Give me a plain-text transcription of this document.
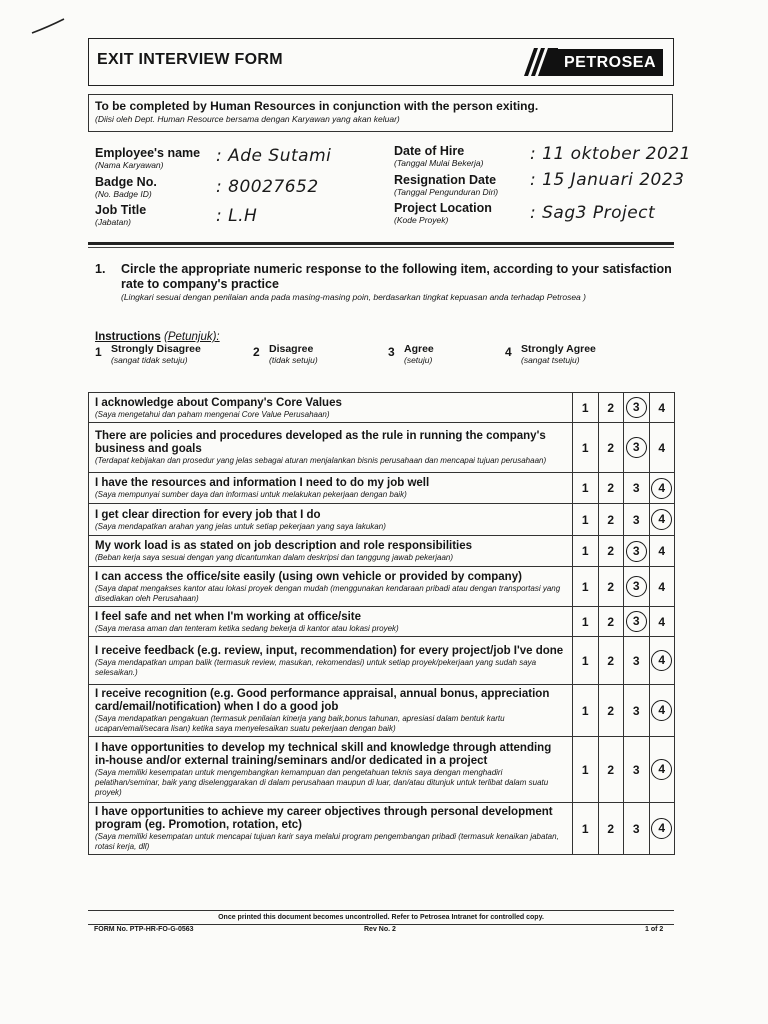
EXIT INTERVIEW FORM	PETROSEA
To be completed by Human Resources in conjunction with the person exiting.
(Diisi oleh Dept. Human Resource bersama dengan Karyawan yang akan keluar)
Employee's name
(Nama Karyawan)	: Ade Sutami
Badge No.
(No. Badge ID)	: 80027652
Job Title
(Jabatan)	: L.H
Date of Hire
(Tanggal Mulai Bekerja)	: 11 oktober 2021
Resignation Date
(Tanggal Pengunduran Diri)
: 15 Januari 2023
Project Location
(Kode Proyek)	: Sag3 Project
1. Circle the appropriate numeric response to the following item, according to your satisfaction rate to company's practice
(Lingkari sesuai dengan penilaian anda pada masing-masing poin, berdasarkan tingkat kepuasan anda terhadap Petrosea )
Instructions (Petunjuk):
1 Strongly Disagree
(sangat tidak setuju)
2 Disagree
(tidak setuju)
3 Agree
(setuju)
4 Strongly Agree
(sangat tsetuju)
I acknowledge about Company's Core Values
(Saya mengetahui dan paham mengenai Core Value Perusahaan)	1	2	3	4

There are policies and procedures developed as the rule in running the company's business and goals
(Terdapat kebijakan dan prosedur yang jelas sebagai aturan menjalankan bisnis perusahaan dan mencapai tujuan perusahaan)	1	2	3	4

I have the resources and information I need to do my job well
(Saya mempunyai sumber daya dan informasi untuk melakukan pekerjaan dengan baik)	1	2	3	4

I get clear direction for every job that I do
(Saya mendapatkan arahan yang jelas untuk setiap pekerjaan yang saya lakukan)	1	2	3	4

My work load is as stated on job description and role responsibilities
(Beban kerja saya sesuai dengan yang dicantumkan dalam deskripsi dan tanggung jawab pekerjaan)	1	2	3	4

I can access the office/site easily (using own vehicle or provided by company)
(Saya dapat mengakses kantor atau lokasi proyek dengan mudah (menggunakan kendaraan pribadi atau dengan transportasi yang disediakan oleh Perusahaan)	1	2	3	4

I feel safe and net when I'm working at office/site
(Saya merasa aman dan tenteram ketika sedang bekerja di kantor atau lokasi proyek)	1	2	3	4

I receive feedback (e.g. review, input, recommendation) for every project/job I've done
(Saya mendapatkan umpan balik (termasuk review, masukan, rekomendasi) untuk setiap proyek/pekerjaan yang sudah saya selesaikan.)	1	2	3	4

I receive recognition (e.g. Good performance appraisal, annual bonus, appreciation card/email/notification) when I do a good job
(Saya mendapatkan pengakuan (termasuk penilaian kinerja yang baik,bonus tahunan, apresiasi dalam bentuk kartu ucapan/email/secara lisan) ketika saya menyelesaikan suatu pekerjaan dengan baik)	1	2	3	4

I have opportunities to develop my technical skill and knowledge through attending in-house and/or external training/seminars and/or dedicated in a project
(Saya memiliki kesempatan untuk mengembangkan kemampuan dan pengetahuan teknis saya dengan menghadiri pelatihan/seminar, baik yang diselenggarakan di dalam perusahaan maupun di luar, dan/atau ditunjuk untuk terlibat dalam suatu proyek)	1	2	3	4

I have opportunities to achieve my career objectives through personal development program (eg. Promotion, rotation, etc)
(Saya memiliki kesempatan untuk mencapai tujuan karir saya melalui program pengembangan pribadi (termasuk kenaikan jabatan, rotasi kerja, dll)	1	2	3	4
Once printed this document becomes uncontrolled. Refer to Petrosea Intranet for controlled copy.
FORM No. PTP-HR-FO-G-0563	Rev No. 2	1 of 2
